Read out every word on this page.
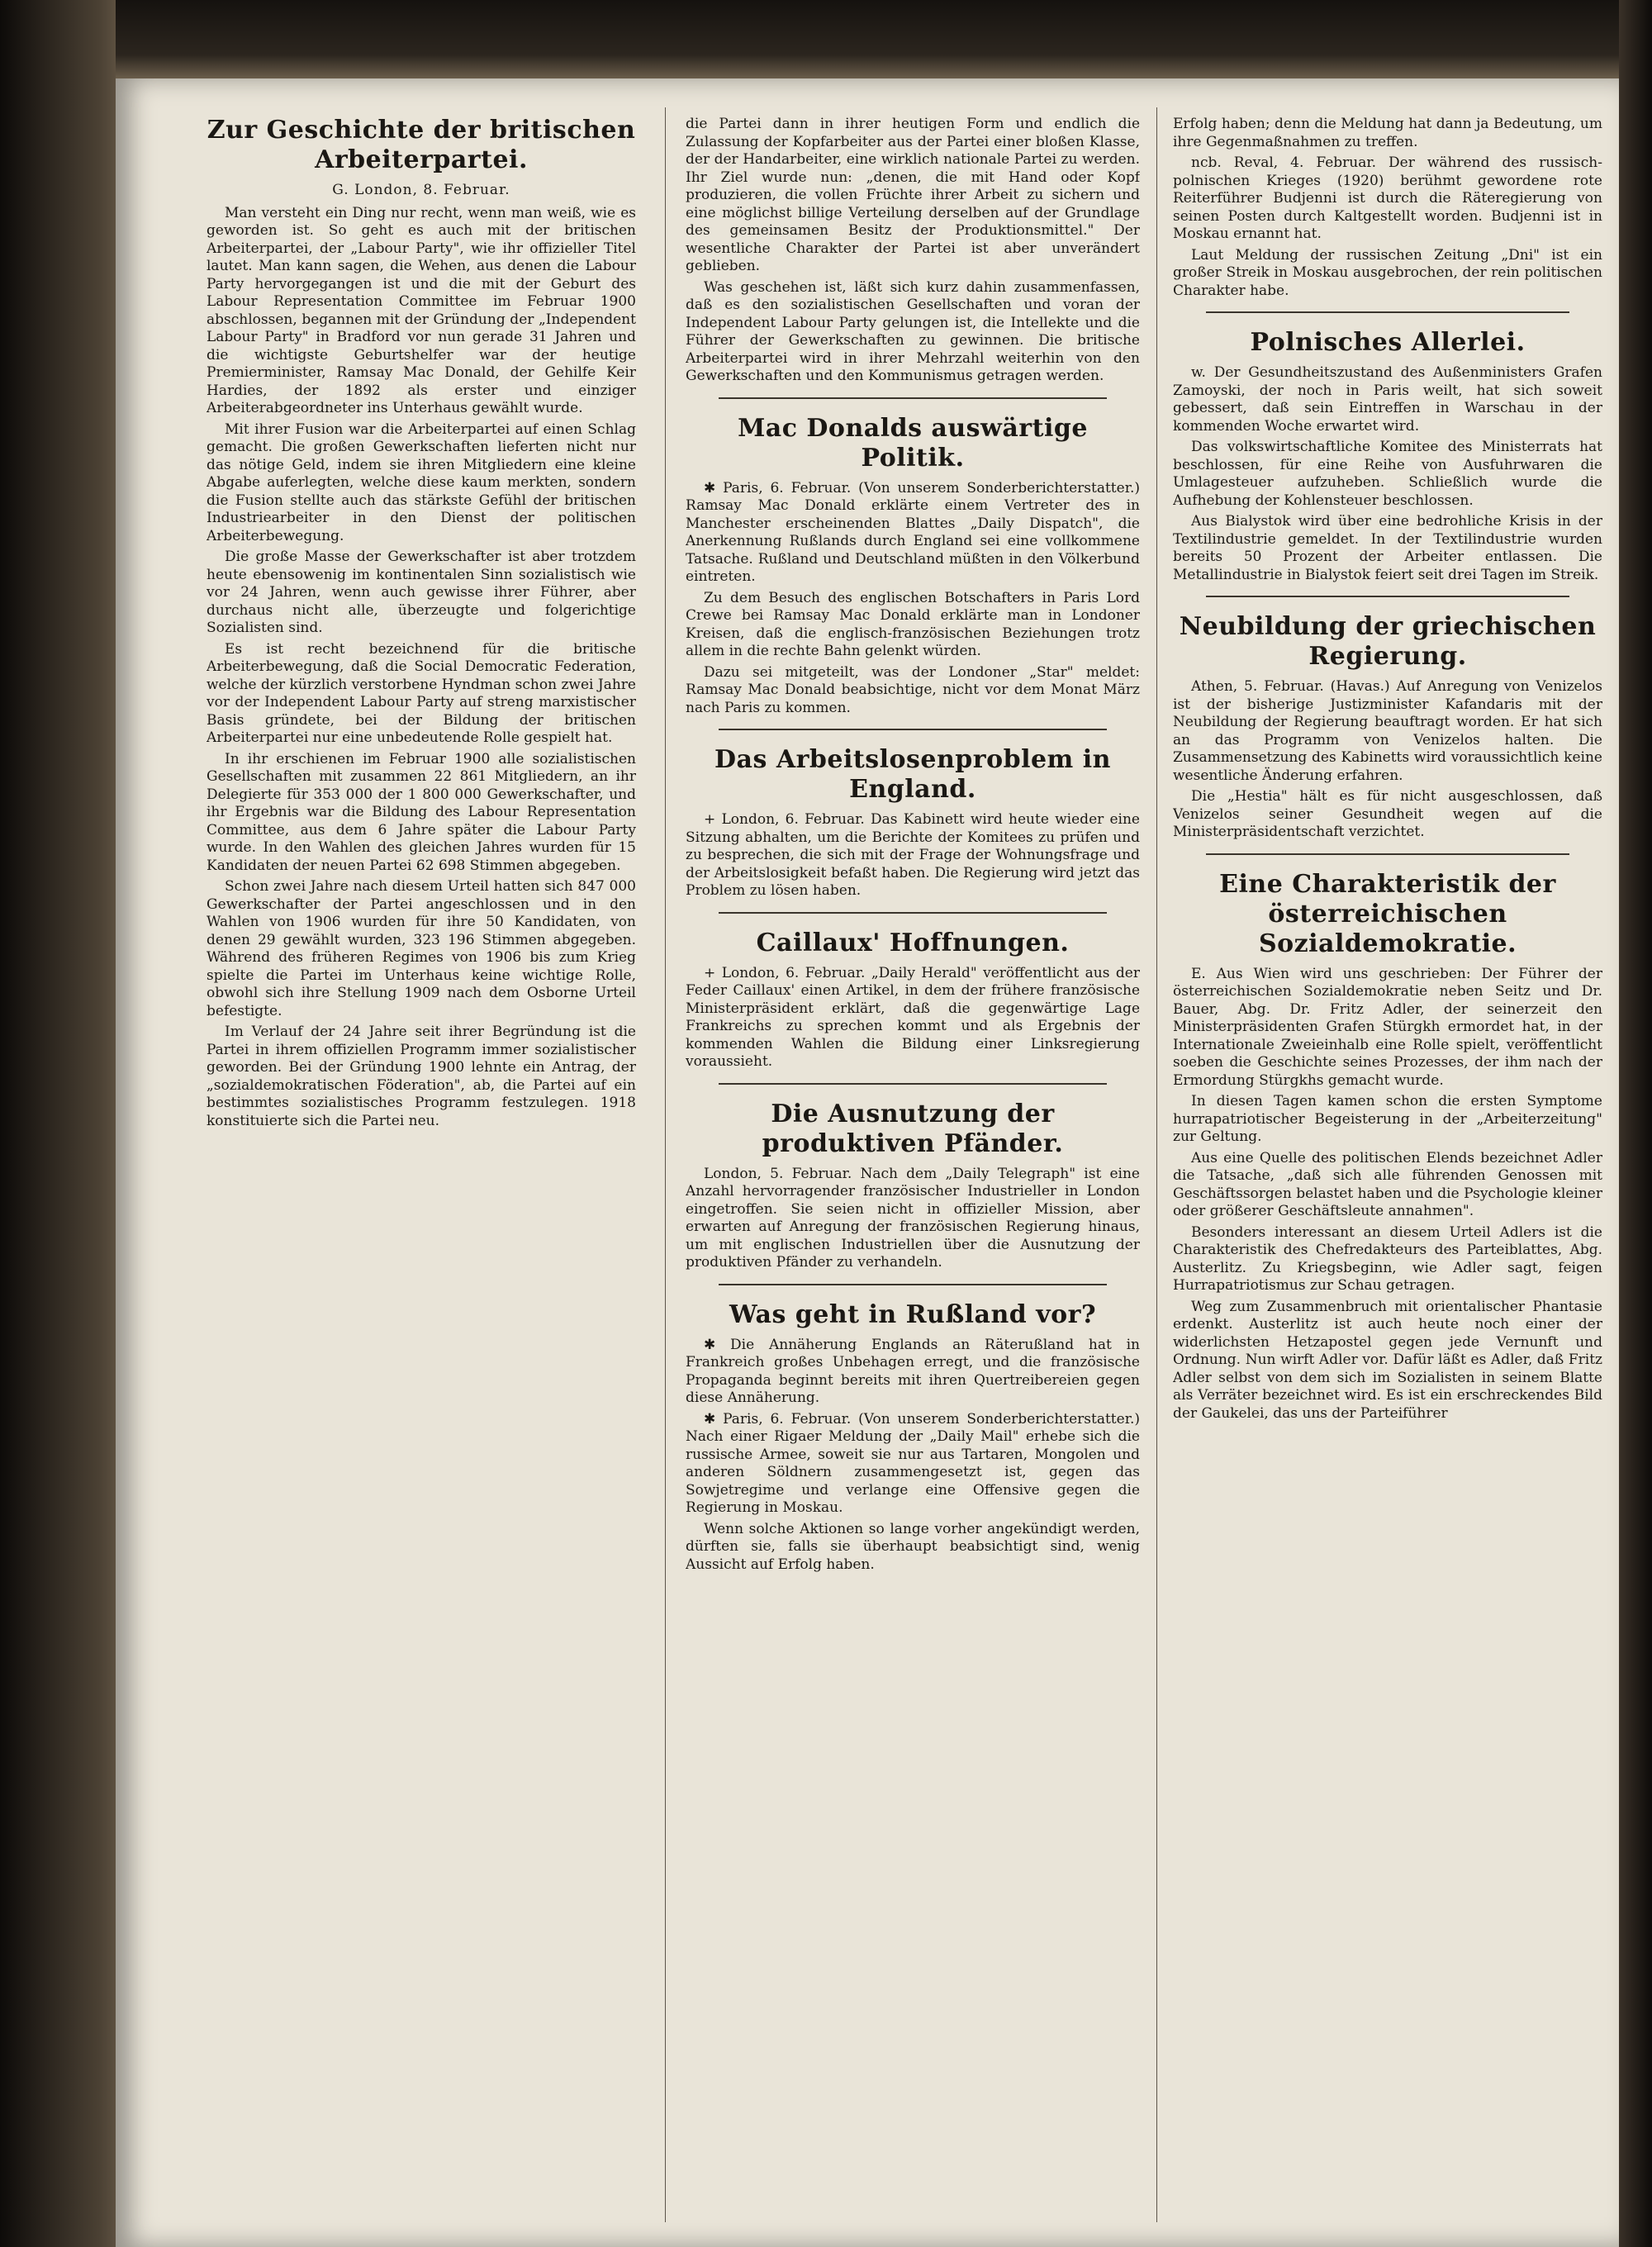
Zur Geschichte der britischen Arbeiterpartei.
G. London, 8. Februar.

Man versteht ein Ding nur recht, wenn man weiß, wie es geworden ist. So geht es auch mit der britischen Arbeiterpartei, der „Labour Party", wie ihr offizieller Titel lautet. Man kann sagen, die Wehen, aus denen die Labour Party hervorgegangen ist und die mit der Geburt des Labour Representation Committee im Februar 1900 abschlossen, begannen mit der Gründung der „Independent Labour Party" in Bradford vor nun gerade 31 Jahren und die wichtigste Geburtshelfer war der heutige Premierminister, Ramsay Mac Donald, der Gehilfe Keir Hardies, der 1892 als erster und einziger Arbeiterabgeordneter ins Unterhaus gewählt wurde.

Mit ihrer Fusion war die Arbeiterpartei auf einen Schlag gemacht. Die großen Gewerkschaften lieferten nicht nur das nötige Geld, indem sie ihren Mitgliedern eine kleine Abgabe auferlegten, welche diese kaum merkten, sondern die Fusion stellte auch das stärkste Gefühl der britischen Industriearbeiter in den Dienst der politischen Arbeiterbewegung.

Die große Masse der Gewerkschafter ist aber trotzdem heute ebensowenig im kontinentalen Sinn sozialistisch wie vor 24 Jahren, wenn auch gewisse ihrer Führer, aber durchaus nicht alle, überzeugte und folgerichtige Sozialisten sind.

Es ist recht bezeichnend für die britische Arbeiterbewegung, daß die Social Democratic Federation, welche der kürzlich verstorbene Hyndman schon zwei Jahre vor der Independent Labour Party auf streng marxistischer Basis gründete, bei der Bildung der britischen Arbeiterpartei nur eine unbedeutende Rolle gespielt hat.

In ihr erschienen im Februar 1900 alle sozialistischen Gesellschaften mit zusammen 22 861 Mitgliedern, an ihr Delegierte für 353 000 der 1 800 000 Gewerkschafter, und ihr Ergebnis war die Bildung des Labour Representation Committee, aus dem 6 Jahre später die Labour Party wurde. In den Wahlen des gleichen Jahres wurden für 15 Kandidaten der neuen Partei 62 698 Stimmen abgegeben.

Schon zwei Jahre nach diesem Urteil hatten sich 847 000 Gewerkschafter der Partei angeschlossen und in den Wahlen von 1906 wurden für ihre 50 Kandidaten, von denen 29 gewählt wurden, 323 196 Stimmen abgegeben. Während des früheren Regimes von 1906 bis zum Krieg spielte die Partei im Unterhaus keine wichtige Rolle, obwohl sich ihre Stellung 1909 nach dem Osborne Urteil befestigte.

Im Verlauf der 24 Jahre seit ihrer Begründung ist die Partei in ihrem offiziellen Programm immer sozialistischer geworden. Bei der Gründung 1900 lehnte ein Antrag, der „sozialdemokratischen Föderation", ab, die Partei auf ein bestimmtes sozialistisches Programm festzulegen. 1918 konstituierte sich die Partei neu.

die Partei dann in ihrer heutigen Form und endlich die Zulassung der Kopfarbeiter aus der Partei einer bloßen Klasse, der der Handarbeiter, eine wirklich nationale Partei zu werden. Ihr Ziel wurde nun: „denen, die mit Hand oder Kopf produzieren, die vollen Früchte ihrer Arbeit zu sichern und eine möglichst billige Verteilung derselben auf der Grundlage des gemeinsamen Besitz der Produktionsmittel." Der wesentliche Charakter der Partei ist aber unverändert geblieben.

Was geschehen ist, läßt sich kurz dahin zusammenfassen, daß es den sozialistischen Gesellschaften und voran der Independent Labour Party gelungen ist, die Intellekte und die Führer der Gewerkschaften zu gewinnen. Die britische Arbeiterpartei wird in ihrer Mehrzahl weiterhin von den Gewerkschaften und den Kommunismus getragen werden.

Mac Donalds auswärtige Politik.

✱ Paris, 6. Februar. (Von unserem Sonderberichterstatter.) Ramsay Mac Donald erklärte einem Vertreter des in Manchester erscheinenden Blattes „Daily Dispatch", die Anerkennung Rußlands durch England sei eine vollkommene Tatsache. Rußland und Deutschland müßten in den Völkerbund eintreten.

Zu dem Besuch des englischen Botschafters in Paris Lord Crewe bei Ramsay Mac Donald erklärte man in Londoner Kreisen, daß die englisch-französischen Beziehungen trotz allem in die rechte Bahn gelenkt würden.

Dazu sei mitgeteilt, was der Londoner „Star" meldet: Ramsay Mac Donald beabsichtige, nicht vor dem Monat März nach Paris zu kommen.

Das Arbeitslosenproblem in England.

+ London, 6. Februar. Das Kabinett wird heute wieder eine Sitzung abhalten, um die Berichte der Komitees zu prüfen und zu besprechen, die sich mit der Frage der Wohnungsfrage und der Arbeitslosigkeit befaßt haben. Die Regierung wird jetzt das Problem zu lösen haben.

Caillaux' Hoffnungen.

+ London, 6. Februar. „Daily Herald" veröffentlicht aus der Feder Caillaux' einen Artikel, in dem der frühere französische Ministerpräsident erklärt, daß die gegenwärtige Lage Frankreichs zu sprechen kommt und als Ergebnis der kommenden Wahlen die Bildung einer Linksregierung voraussieht.

Die Ausnutzung der produktiven Pfänder.

London, 5. Februar. Nach dem „Daily Telegraph" ist eine Anzahl hervorragender französischer Industrieller in London eingetroffen. Sie seien nicht in offizieller Mission, aber erwarten auf Anregung der französischen Regierung hinaus, um mit englischen Industriellen über die Ausnutzung der produktiven Pfänder zu verhandeln.

Was geht in Rußland vor?

✱ Die Annäherung Englands an Räterußland hat in Frankreich großes Unbehagen erregt, und die französische Propaganda beginnt bereits mit ihren Quertreibereien gegen diese Annäherung.

✱ Paris, 6. Februar. (Von unserem Sonderberichterstatter.) Nach einer Rigaer Meldung der „Daily Mail" erhebe sich die russische Armee, soweit sie nur aus Tartaren, Mongolen und anderen Söldnern zusammengesetzt ist, gegen das Sowjetregime und verlange eine Offensive gegen die Regierung in Moskau.

Wenn solche Aktionen so lange vorher angekündigt werden, dürften sie, falls sie überhaupt beabsichtigt sind, wenig Aussicht auf Erfolg haben.

Erfolg haben; denn die Meldung hat dann ja Bedeutung, um ihre Gegenmaßnahmen zu treffen.

ncb. Reval, 4. Februar. Der während des russisch-polnischen Krieges (1920) berühmt gewordene rote Reiterführer Budjenni ist durch die Räteregierung von seinen Posten durch Kaltgestellt worden. Budjenni ist in Moskau ernannt hat.

Laut Meldung der russischen Zeitung „Dni" ist ein großer Streik in Moskau ausgebrochen, der rein politischen Charakter habe.

Polnisches Allerlei.

w. Der Gesundheitszustand des Außenministers Grafen Zamoyski, der noch in Paris weilt, hat sich soweit gebessert, daß sein Eintreffen in Warschau in der kommenden Woche erwartet wird.

Das volkswirtschaftliche Komitee des Ministerrats hat beschlossen, für eine Reihe von Ausfuhrwaren die Umlagesteuer aufzuheben. Schließlich wurde die Aufhebung der Kohlensteuer beschlossen.

Aus Bialystok wird über eine bedrohliche Krisis in der Textilindustrie gemeldet. In der Textilindustrie wurden bereits 50 Prozent der Arbeiter entlassen. Die Metallindustrie in Bialystok feiert seit drei Tagen im Streik.

Neubildung der griechischen Regierung.

Athen, 5. Februar. (Havas.) Auf Anregung von Venizelos ist der bisherige Justizminister Kafandaris mit der Neubildung der Regierung beauftragt worden. Er hat sich an das Programm von Venizelos halten. Die Zusammensetzung des Kabinetts wird voraussichtlich keine wesentliche Änderung erfahren.

Die „Hestia" hält es für nicht ausgeschlossen, daß Venizelos seiner Gesundheit wegen auf die Ministerpräsidentschaft verzichtet.

Eine Charakteristik der österreichischen Sozialdemokratie.

E. Aus Wien wird uns geschrieben: Der Führer der österreichischen Sozialdemokratie neben Seitz und Dr. Bauer, Abg. Dr. Fritz Adler, der seinerzeit den Ministerpräsidenten Grafen Stürgkh ermordet hat, in der Internationale Zweieinhalb eine Rolle spielt, veröffentlicht soeben die Geschichte seines Prozesses, der ihm nach der Ermordung Stürgkhs gemacht wurde.

In diesen Tagen kamen schon die ersten Symptome hurrapatriotischer Begeisterung in der „Arbeiterzeitung" zur Geltung.

Aus eine Quelle des politischen Elends bezeichnet Adler die Tatsache, „daß sich alle führenden Genossen mit Geschäftssorgen belastet haben und die Psychologie kleiner oder größerer Geschäftsleute annahmen".

Besonders interessant an diesem Urteil Adlers ist die Charakteristik des Chefredakteurs des Parteiblattes, Abg. Austerlitz. Zu Kriegsbeginn, wie Adler sagt, feigen Hurrapatriotismus zur Schau getragen.

Weg zum Zusammenbruch mit orientalischer Phantasie erdenkt. Austerlitz ist auch heute noch einer der widerlichsten Hetzapostel gegen jede Vernunft und Ordnung. Nun wirft Adler vor. Dafür läßt es Adler, daß Fritz Adler selbst von dem sich im Sozialisten in seinem Blatte als Verräter bezeichnet wird. Es ist ein erschreckendes Bild der Gaukelei, das uns der Parteiführer
